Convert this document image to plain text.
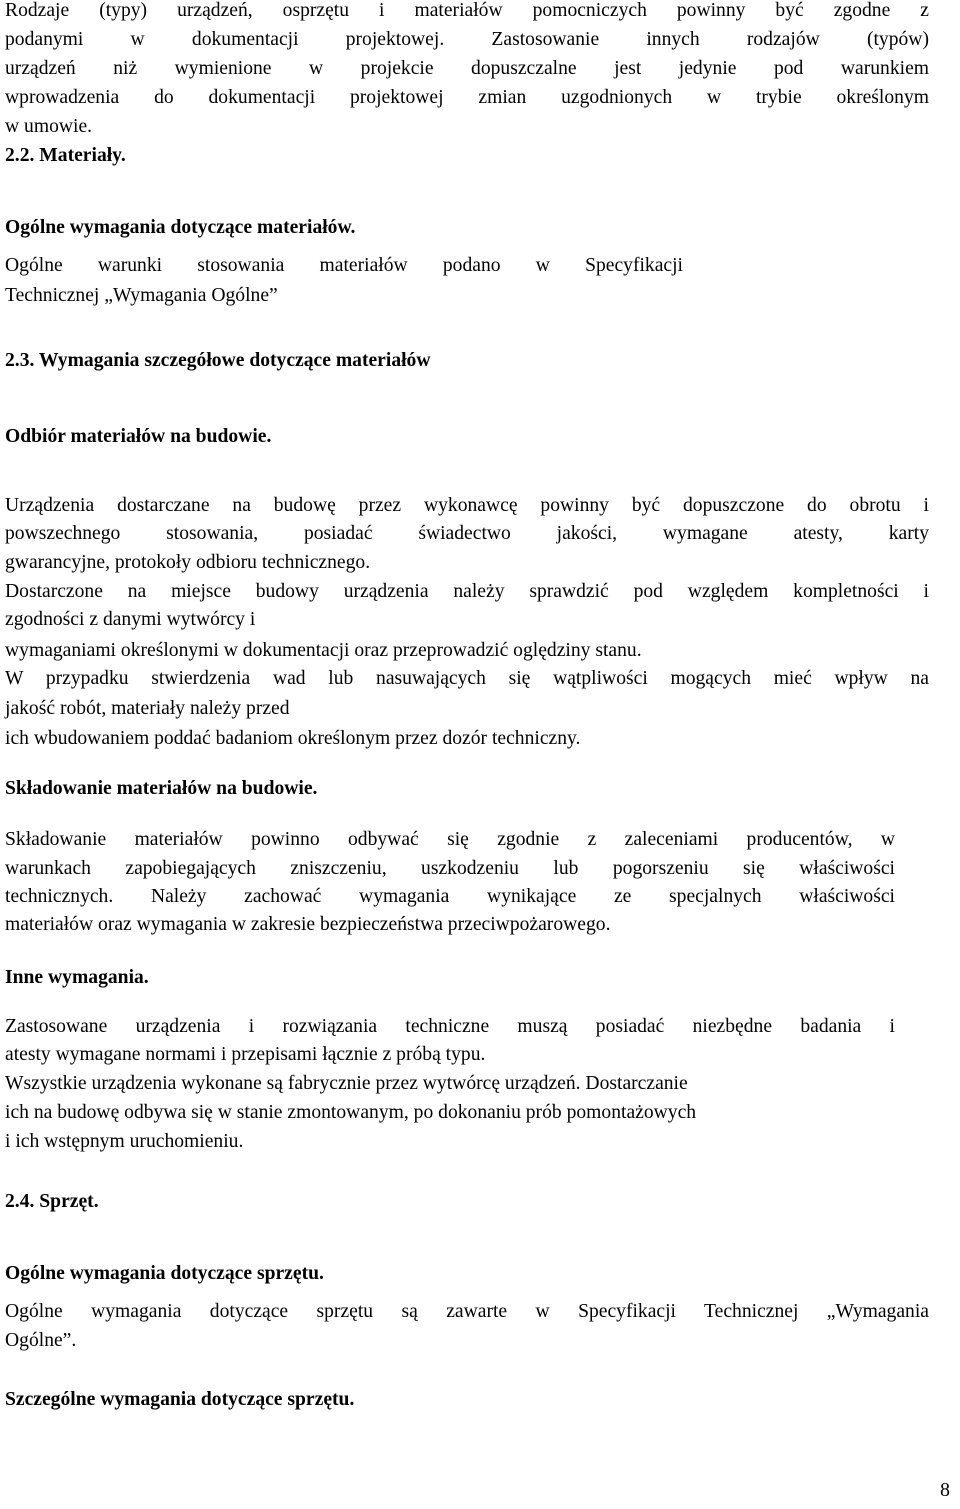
Rodzaje (typy) urządzeń, osprzętu i materiałów pomocniczych powinny być zgodne z
podanymi w dokumentacji projektowej. Zastosowanie innych rodzajów (typów)
urządzeń niż wymienione w projekcie dopuszczalne jest jedynie pod warunkiem
wprowadzenia do dokumentacji projektowej zmian uzgodnionych w trybie określonym
w umowie.
2.2. Materiały.
Ogólne wymagania dotyczące materiałów.
Ogólne warunki stosowania materiałów podano w Specyfikacji
Technicznej „Wymagania Ogólne”
2.3. Wymagania szczegółowe dotyczące materiałów
Odbiór materiałów na budowie.
Urządzenia dostarczane na budowę przez wykonawcę powinny być dopuszczone do obrotu i
powszechnego stosowania, posiadać świadectwo jakości, wymagane atesty, karty
gwarancyjne, protokoły odbioru technicznego.
Dostarczone na miejsce budowy urządzenia należy sprawdzić pod względem kompletności i
zgodności z danymi wytwórcy i
wymaganiami określonymi w dokumentacji oraz przeprowadzić oględziny stanu.
W przypadku stwierdzenia wad lub nasuwających się wątpliwości mogących mieć wpływ na
jakość robót, materiały należy przed
ich wbudowaniem poddać badaniom określonym przez dozór techniczny.
Składowanie materiałów na budowie.
Składowanie materiałów powinno odbywać się zgodnie z zaleceniami producentów, w
warunkach zapobiegających zniszczeniu, uszkodzeniu lub pogorszeniu się właściwości
technicznych. Należy zachować wymagania wynikające ze specjalnych właściwości
materiałów oraz wymagania w zakresie bezpieczeństwa przeciwpożarowego.
Inne wymagania.
Zastosowane urządzenia i rozwiązania techniczne muszą posiadać niezbędne badania i
atesty wymagane normami i przepisami łącznie z próbą typu.
Wszystkie urządzenia wykonane są fabrycznie przez wytwórcę urządzeń. Dostarczanie
ich na budowę odbywa się w stanie zmontowanym, po dokonaniu prób pomontażowych
i ich wstępnym uruchomieniu.
2.4. Sprzęt.
Ogólne wymagania dotyczące sprzętu.
Ogólne wymagania dotyczące sprzętu są zawarte w Specyfikacji Technicznej „Wymagania
Ogólne”.
Szczególne wymagania dotyczące sprzętu.
8
